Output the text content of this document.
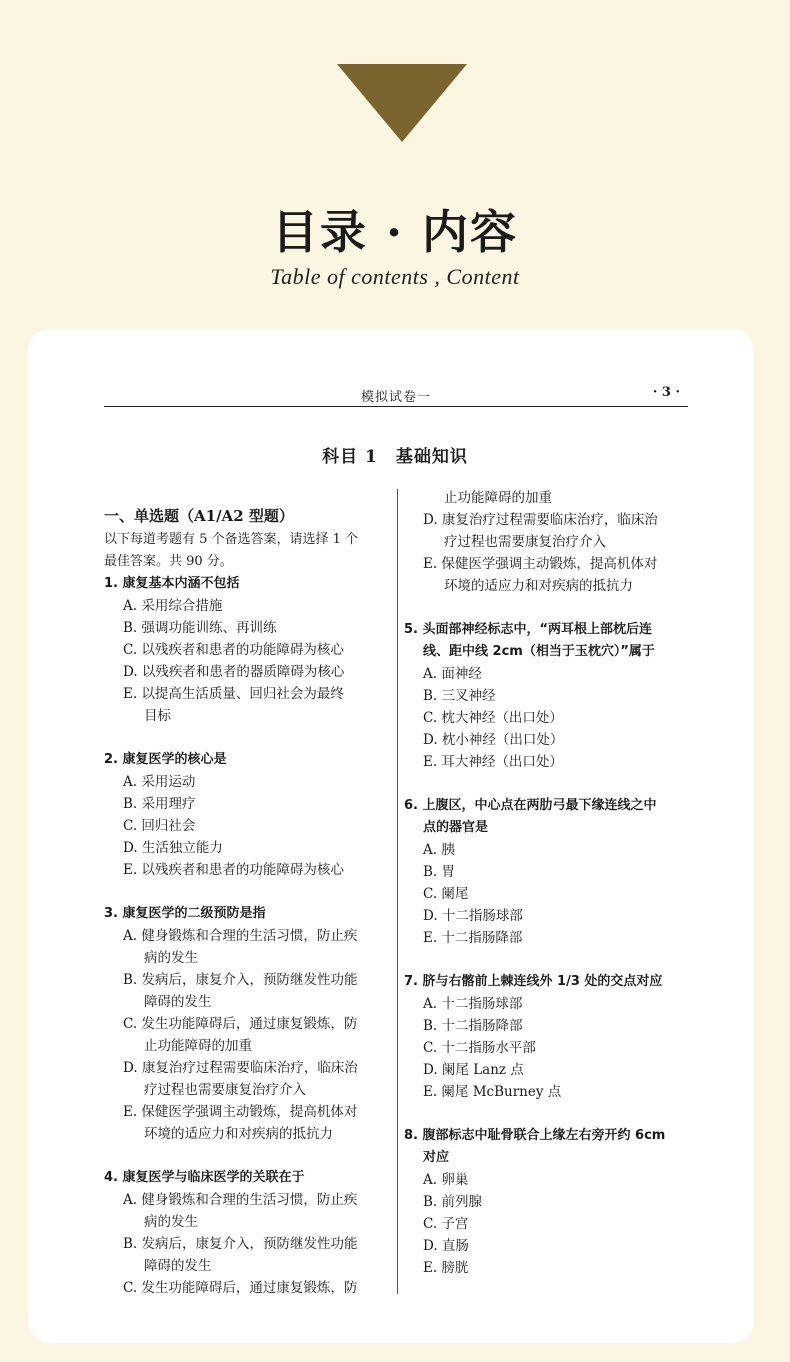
目录 · 内容
Table of contents , Content
模拟试卷一	· 3 ·
科目 1　基础知识
一、单选题（A1/A2 型题）
以下每道考题有 5 个备选答案，请选择 1 个
最佳答案。共 90 分。
1. 康复基本内涵不包括
A. 采用综合措施
B. 强调功能训练、再训练
C. 以残疾者和患者的功能障碍为核心
D. 以残疾者和患者的器质障碍为核心
E. 以提高生活质量、回归社会为最终
目标
2. 康复医学的核心是
A. 采用运动
B. 采用理疗
C. 回归社会
D. 生活独立能力
E. 以残疾者和患者的功能障碍为核心
3. 康复医学的二级预防是指
A. 健身锻炼和合理的生活习惯，防止疾
病的发生
B. 发病后，康复介入，预防继发性功能
障碍的发生
C. 发生功能障碍后，通过康复锻炼，防
止功能障碍的加重
D. 康复治疗过程需要临床治疗，临床治
疗过程也需要康复治疗介入
E. 保健医学强调主动锻炼，提高机体对
环境的适应力和对疾病的抵抗力
4. 康复医学与临床医学的关联在于
A. 健身锻炼和合理的生活习惯，防止疾
病的发生
B. 发病后，康复介入，预防继发性功能
障碍的发生
C. 发生功能障碍后，通过康复锻炼，防
止功能障碍的加重
D. 康复治疗过程需要临床治疗，临床治
疗过程也需要康复治疗介入
E. 保健医学强调主动锻炼，提高机体对
环境的适应力和对疾病的抵抗力
5. 头面部神经标志中，“两耳根上部枕后连
线、距中线 2cm（相当于玉枕穴）”属于
A. 面神经
B. 三叉神经
C. 枕大神经（出口处）
D. 枕小神经（出口处）
E. 耳大神经（出口处）
6. 上腹区，中心点在两肋弓最下缘连线之中
点的器官是
A. 胰
B. 胃
C. 阑尾
D. 十二指肠球部
E. 十二指肠降部
7. 脐与右髂前上棘连线外 1/3 处的交点对应
A. 十二指肠球部
B. 十二指肠降部
C. 十二指肠水平部
D. 阑尾 Lanz 点
E. 阑尾 McBurney 点
8. 腹部标志中耻骨联合上缘左右旁开约 6cm
对应
A. 卵巢
B. 前列腺
C. 子宫
D. 直肠
E. 膀胱
